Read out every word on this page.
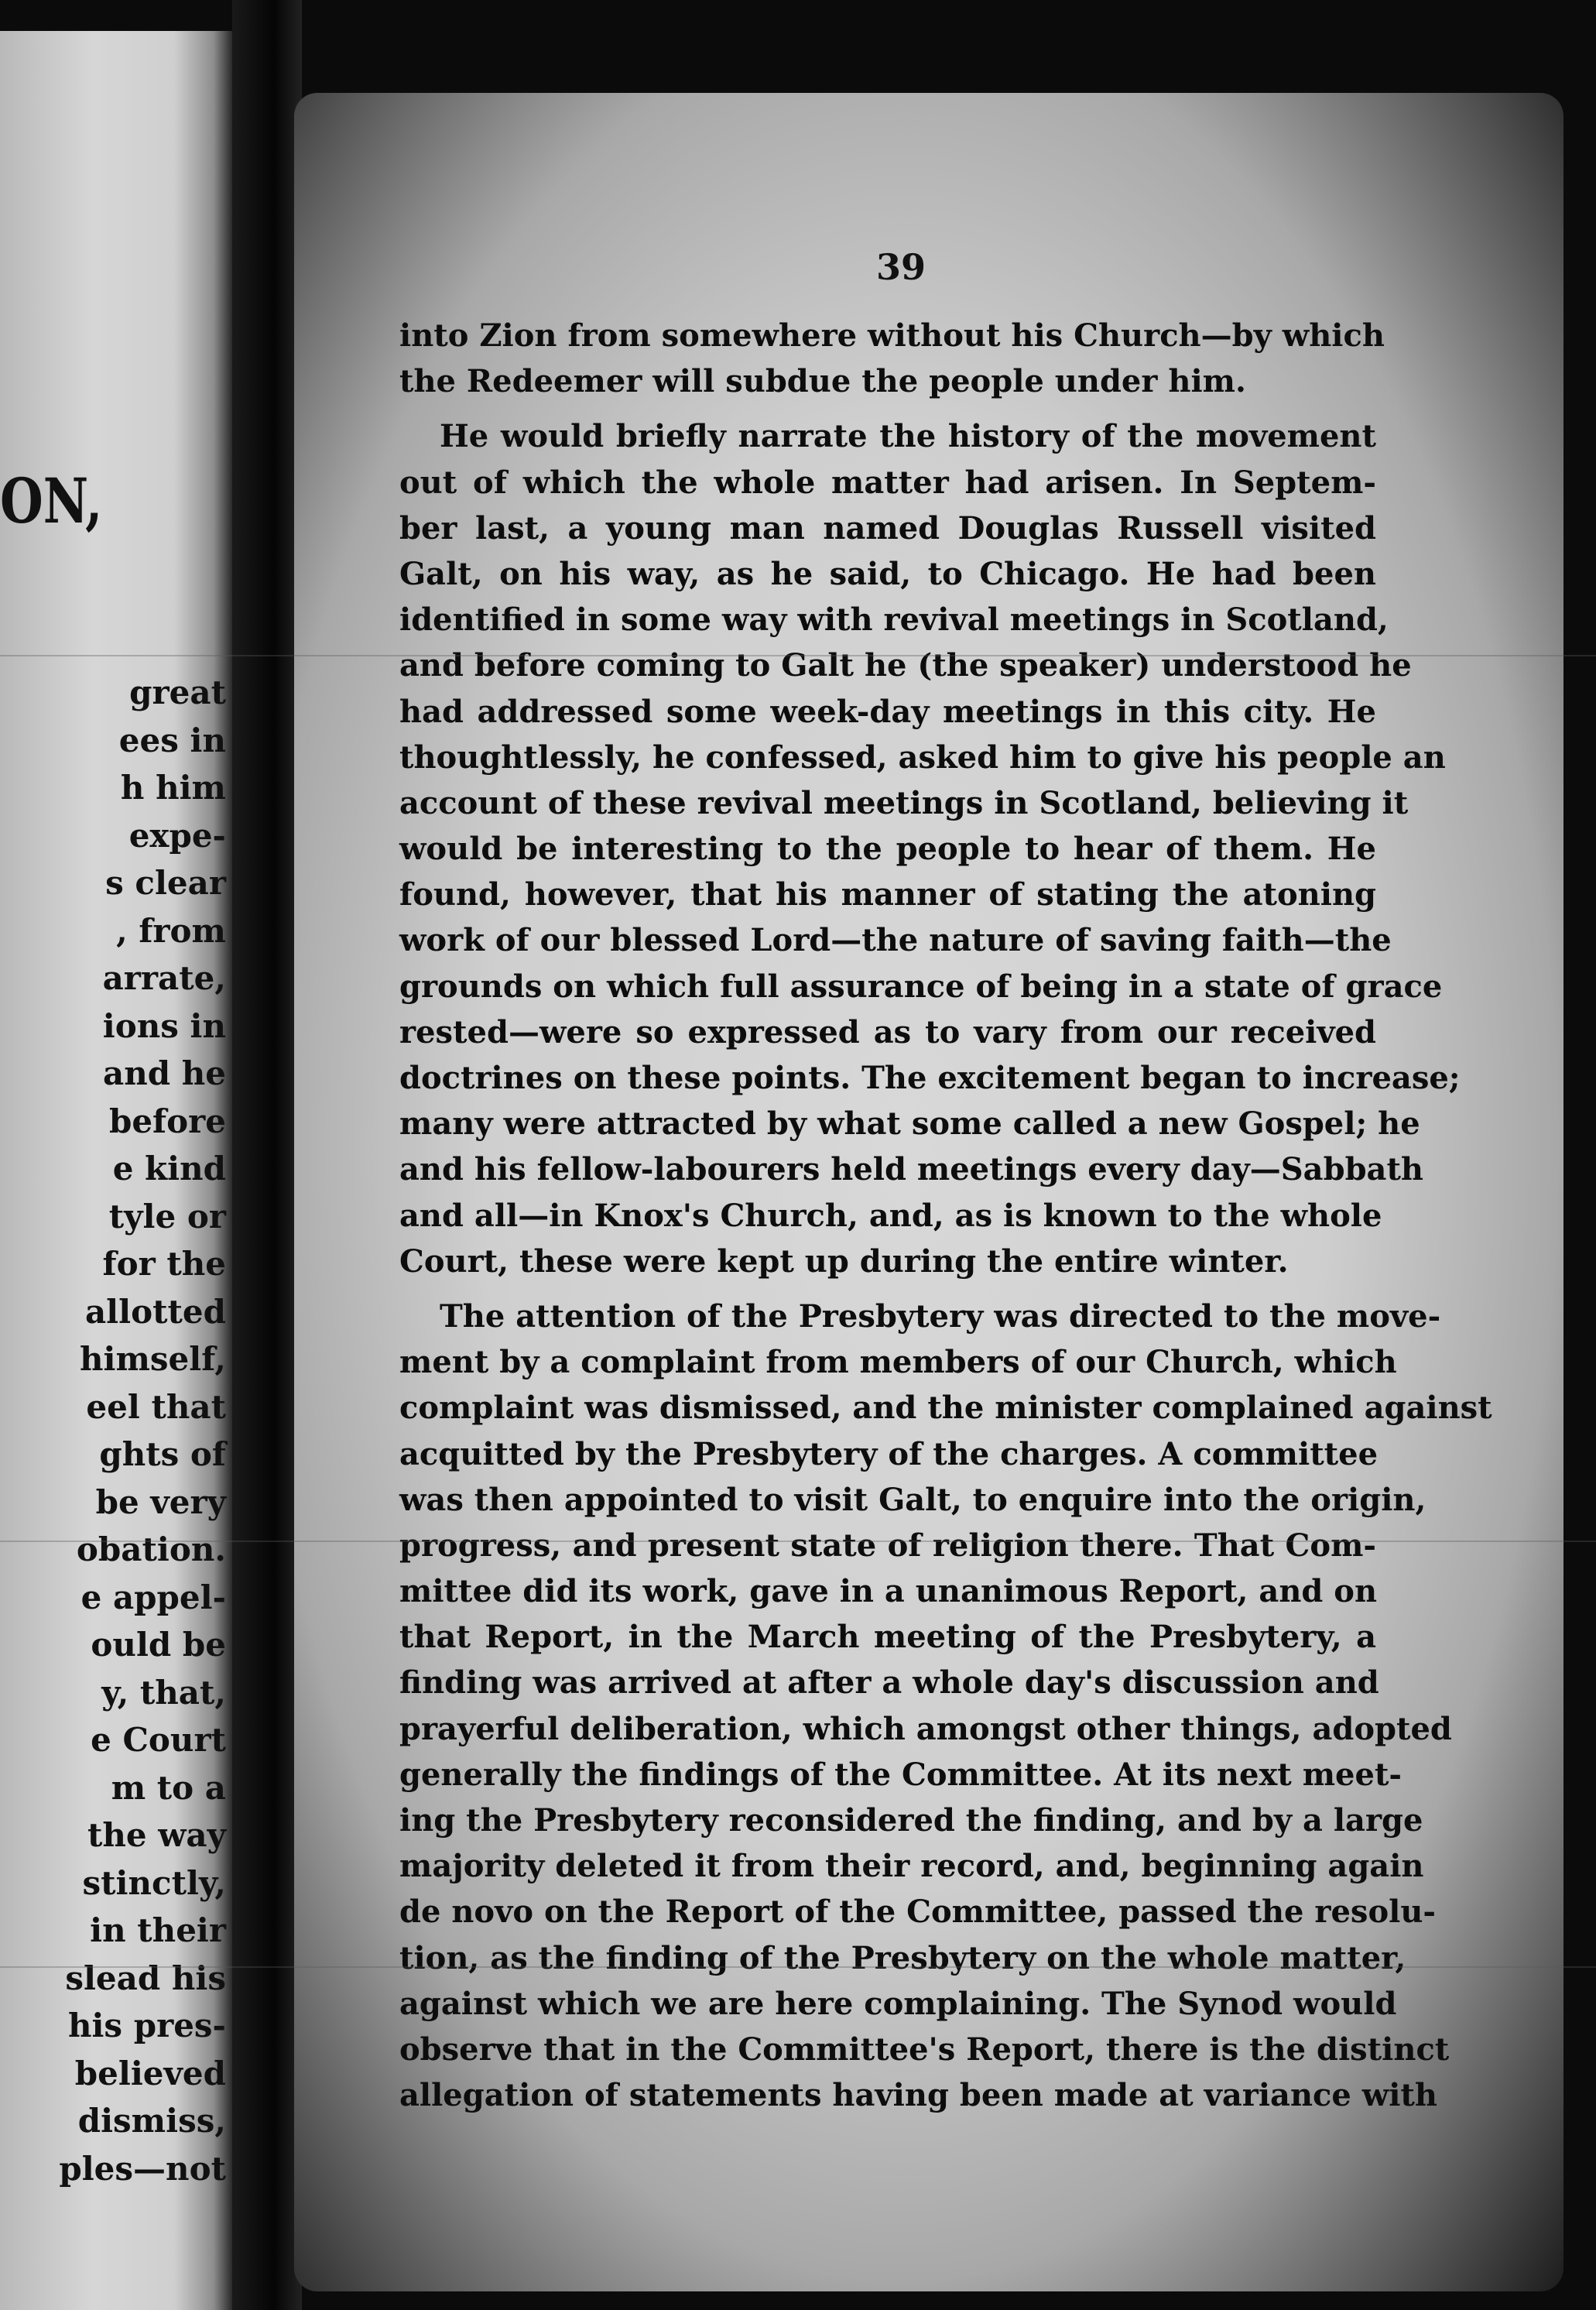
ON,
great
ees in
h him
expe-
s clear
, from
arrate,
ions in
and he
before
e kind
tyle or
for the
allotted
himself,
eel that
ghts of
be very
obation.
e appel-
ould be
y, that,
e Court
m to a
the way
stinctly,
in their
slead his
his pres-
believed
dismiss,
ples—not
39
into Zion from somewhere without his Church—by which
the Redeemer will subdue the people under him.
He would briefly narrate the history of the movement
out of which the whole matter had arisen. In Septem-
ber last, a young man named Douglas Russell visited
Galt, on his way, as he said, to Chicago. He had been
identified in some way with revival meetings in Scotland,
and before coming to Galt he (the speaker) understood he
had addressed some week-day meetings in this city. He
thoughtlessly, he confessed, asked him to give his people an
account of these revival meetings in Scotland, believing it
would be interesting to the people to hear of them. He
found, however, that his manner of stating the atoning
work of our blessed Lord—the nature of saving faith—the
grounds on which full assurance of being in a state of grace
rested—were so expressed as to vary from our received
doctrines on these points. The excitement began to increase;
many were attracted by what some called a new Gospel; he
and his fellow-labourers held meetings every day—Sabbath
and all—in Knox's Church, and, as is known to the whole
Court, these were kept up during the entire winter.
The attention of the Presbytery was directed to the move-
ment by a complaint from members of our Church, which
complaint was dismissed, and the minister complained against
acquitted by the Presbytery of the charges. A committee
was then appointed to visit Galt, to enquire into the origin,
progress, and present state of religion there. That Com-
mittee did its work, gave in a unanimous Report, and on
that Report, in the March meeting of the Presbytery, a
finding was arrived at after a whole day's discussion and
prayerful deliberation, which amongst other things, adopted
generally the findings of the Committee. At its next meet-
ing the Presbytery reconsidered the finding, and by a large
majority deleted it from their record, and, beginning again
de novo on the Report of the Committee, passed the resolu-
tion, as the finding of the Presbytery on the whole matter,
against which we are here complaining. The Synod would
observe that in the Committee's Report, there is the distinct
allegation of statements having been made at variance with
